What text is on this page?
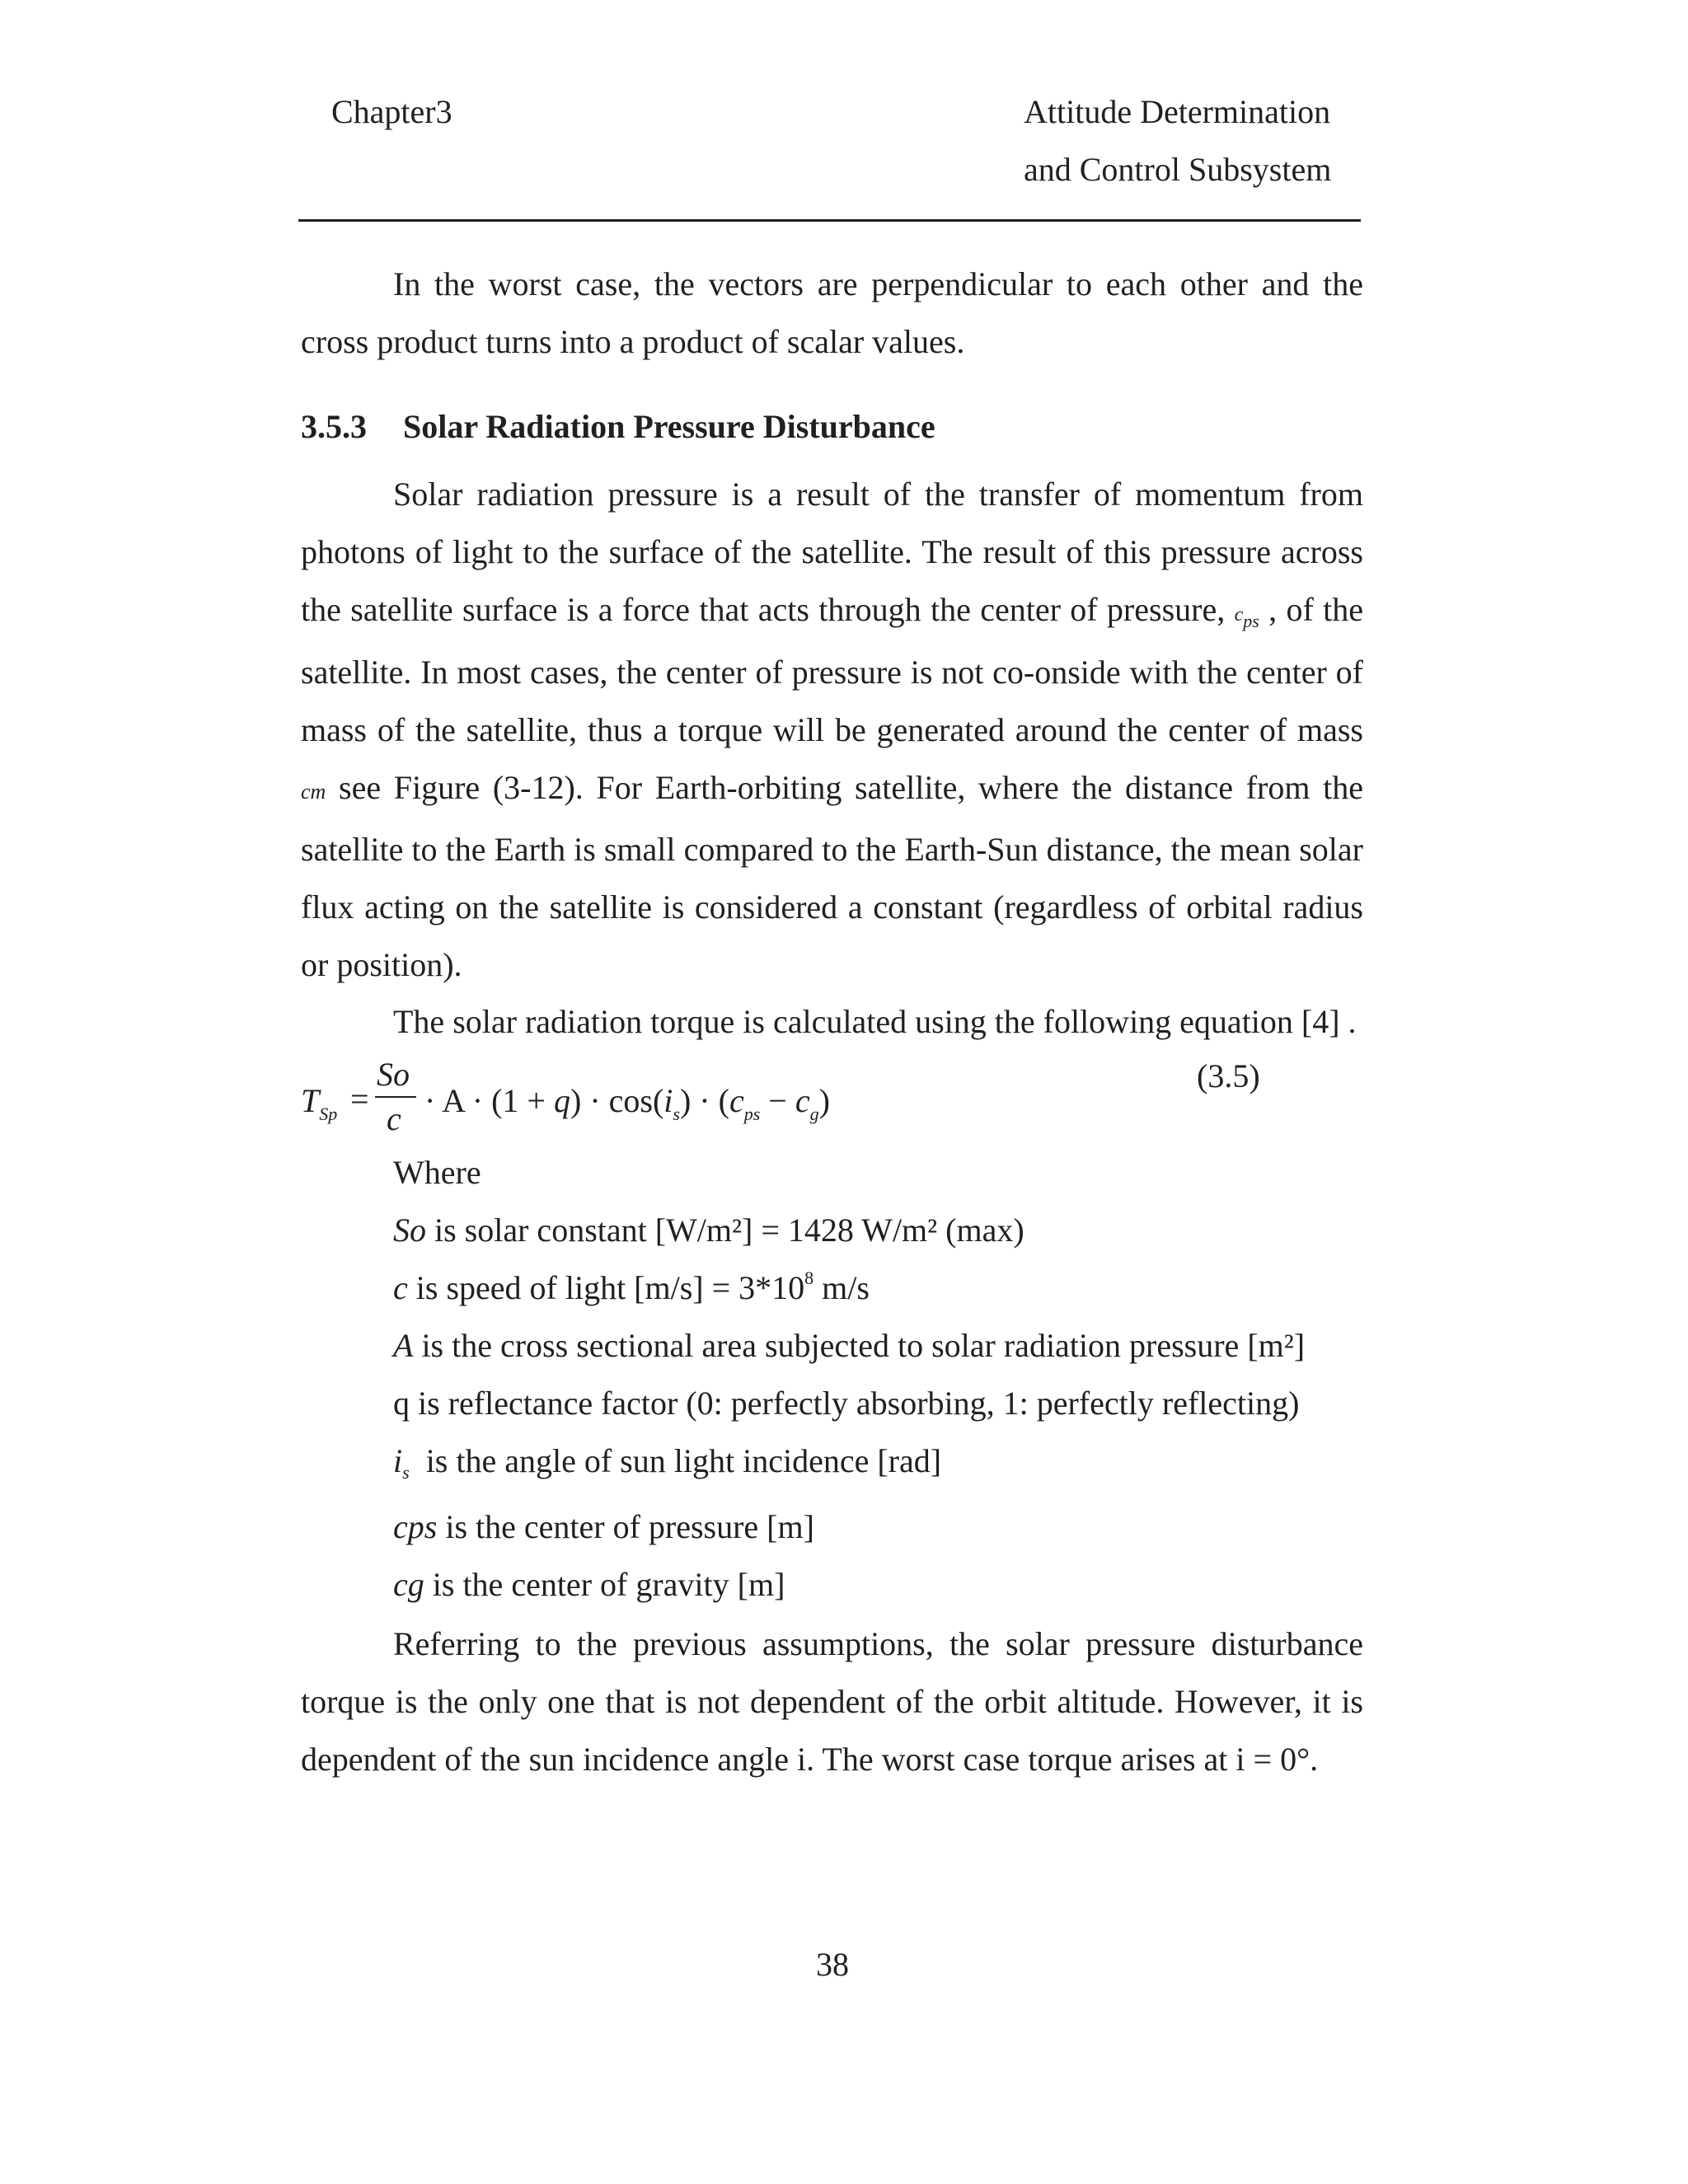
Chapter3	Attitude Determination
and Control Subsystem

In the worst case, the vectors are perpendicular to each other and the cross product turns into a product of scalar values.

3.5.3 Solar Radiation Pressure Disturbance

Solar radiation pressure is a result of the transfer of momentum from photons of light to the surface of the satellite. The result of this pressure across the satellite surface is a force that acts through the center of pressure, $c_{ps}$ , of the satellite. In most cases, the center of pressure is not co-onside with the center of mass of the satellite, thus a torque will be generated around the center of mass cm see Figure (3-12). For Earth-orbiting satellite, where the distance from the satellite to the Earth is small compared to the Earth-Sun distance, the mean solar flux acting on the satellite is considered a constant (regardless of orbital radius or position).

The solar radiation torque is calculated using the following equation [4] .

$T_{Sp}$ =
So
$c \cdot A \cdot (1 + q) \cdot \cos(i_s) \cdot (c_{ps} - c_g)$
(3.5)
Where
So is solar constant [W/m²] = 1428 W/m² (max)
c is speed of light $[m/s] = 3*10^8$ m/s
A is the cross sectional area subjected to solar radiation pressure [m²]
q is reflectance factor (0: perfectly absorbing, 1: perfectly reflecting)
$i_s$  is the angle of sun light incidence [rad]
cps is the center of pressure [m]
cg is the center of gravity [m]

Referring to the previous assumptions, the solar pressure disturbance torque is the only one that is not dependent of the orbit altitude. However, it is dependent of the sun incidence angle i. The worst case torque arises at i = 0°.

38
